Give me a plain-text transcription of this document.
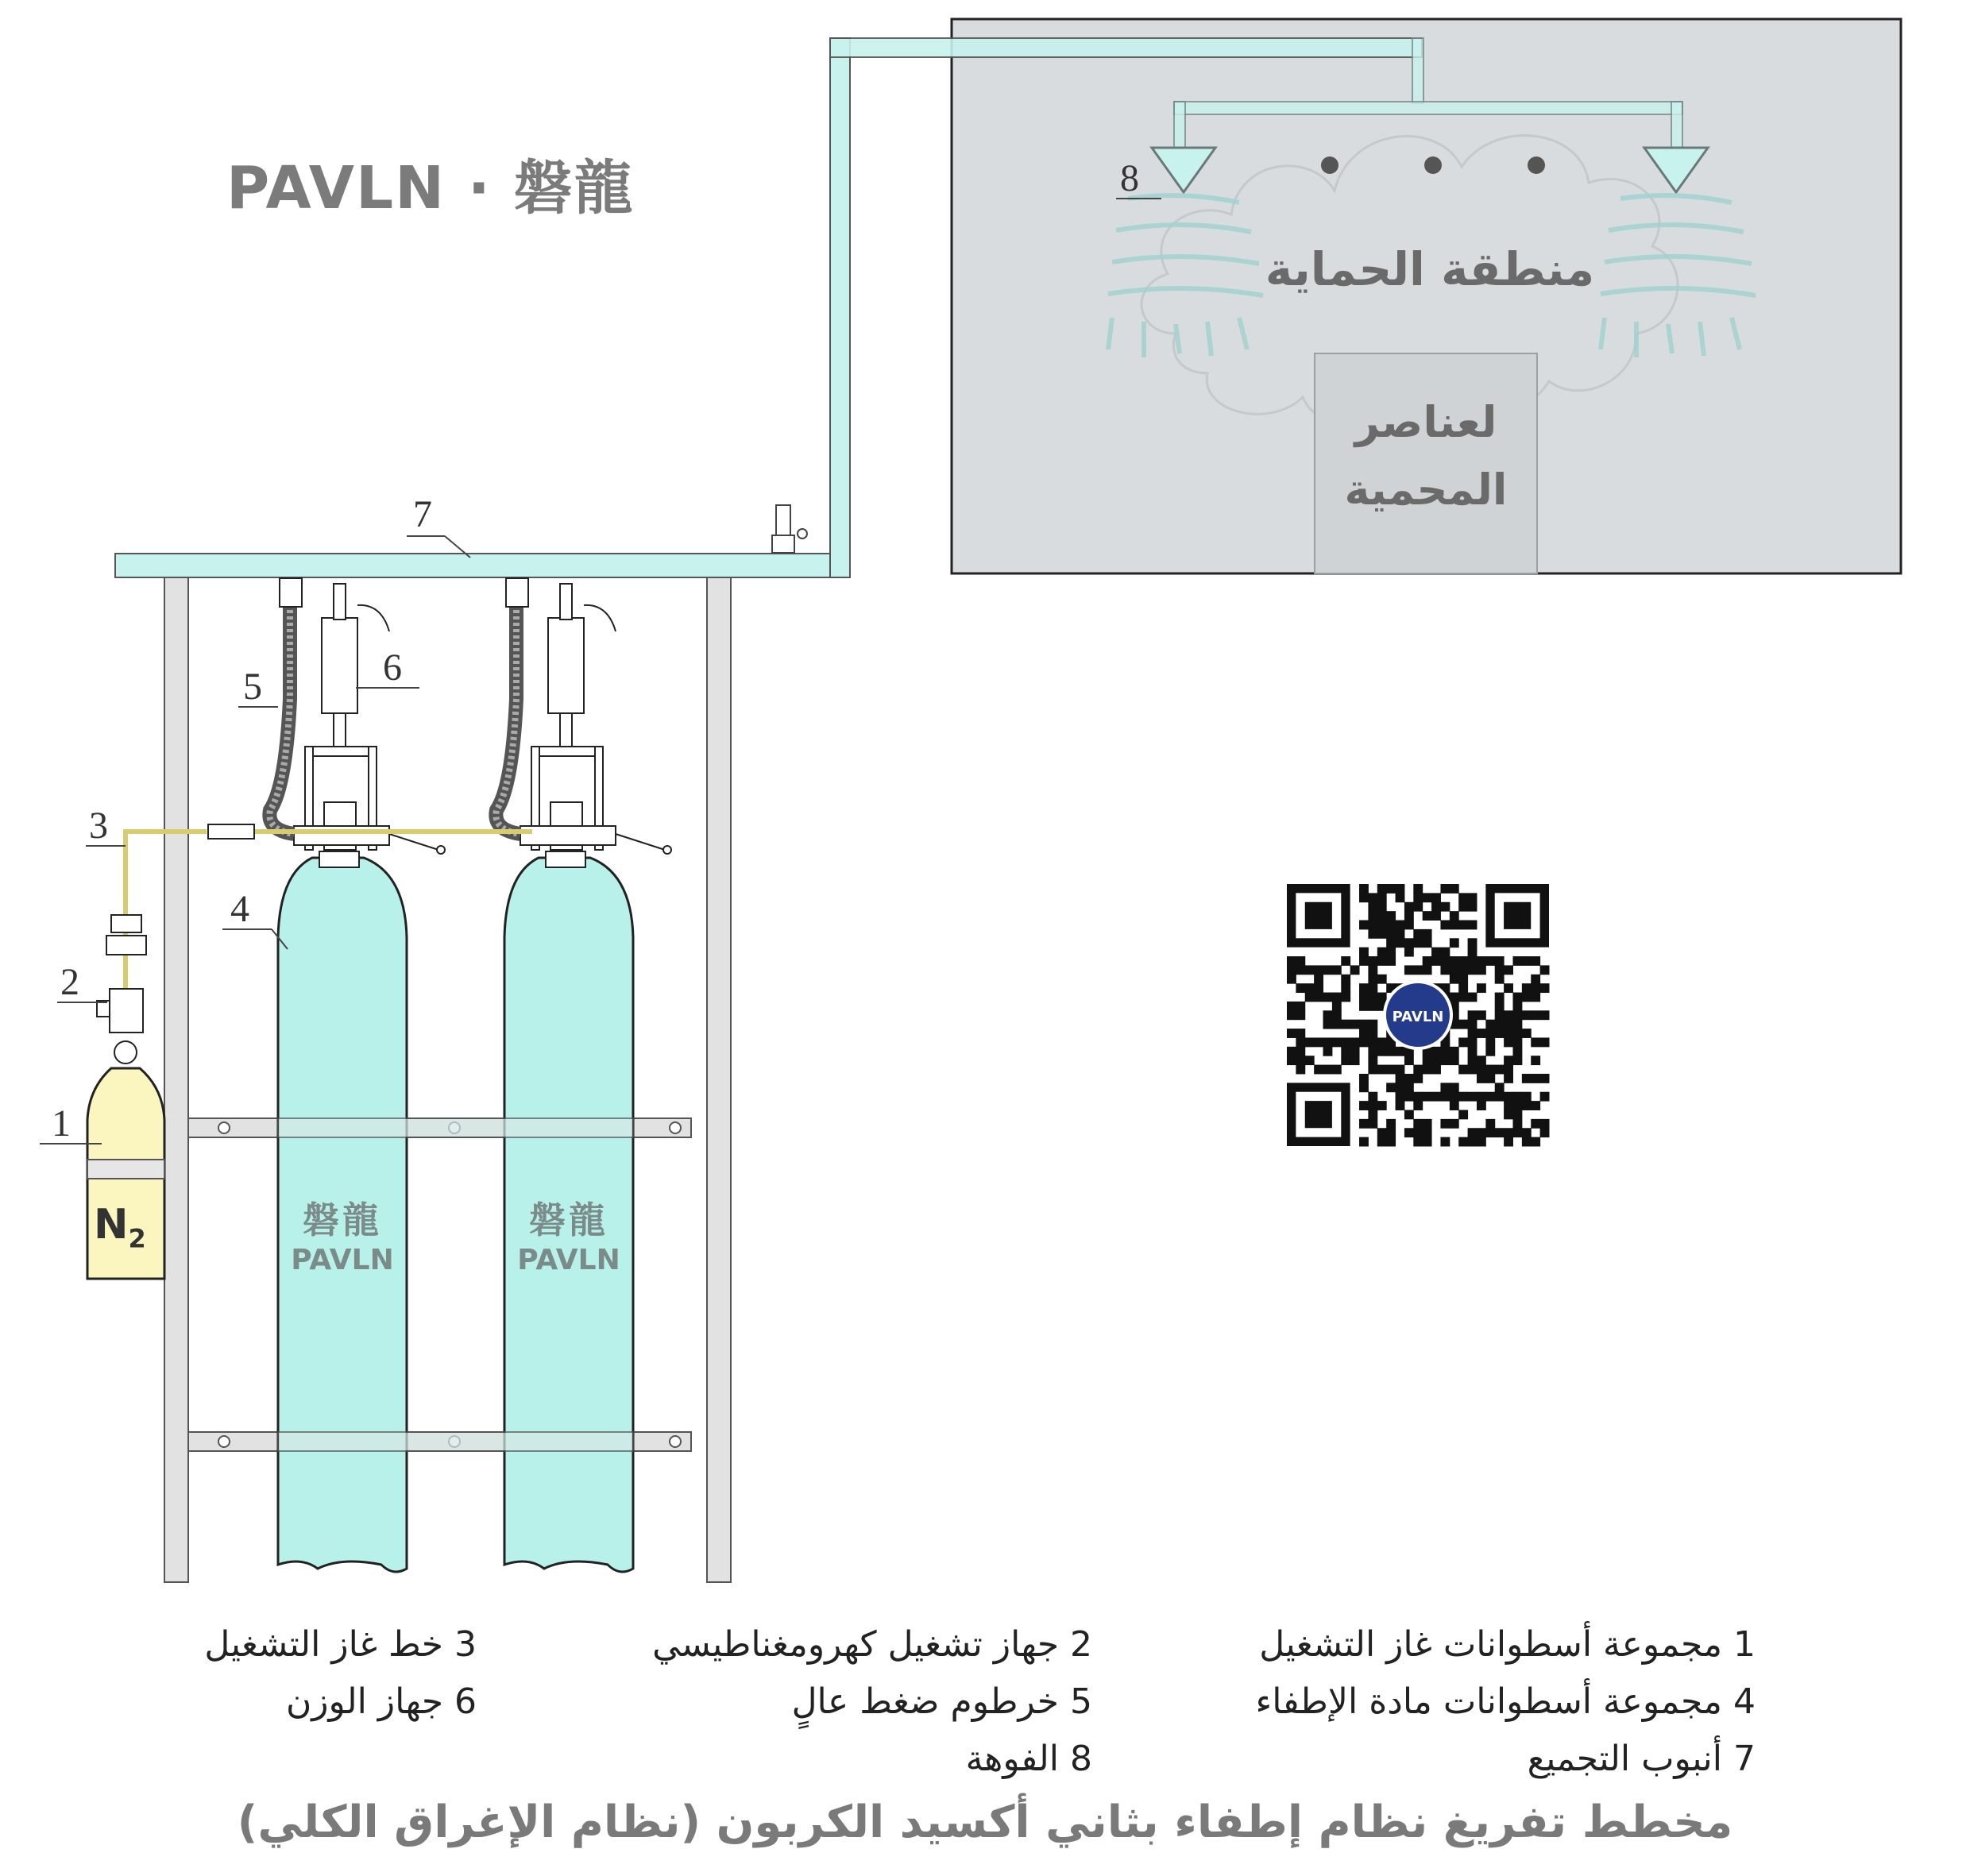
PAVLN
1
2
3
4
5	6
7
8
PAVLN · 磐龍
منطقة الحماية
لعناصر
المحمية
$N_2$	磐龍
PAVLN
磐龍
PAVLN
1 مجموعة أسطوانات غاز التشغيل
4 مجموعة أسطوانات مادة الإطفاء
7 أنبوب التجميع
2 جهاز تشغيل كهرومغناطيسي
5 خرطوم ضغط عالٍ
8 الفوهة
3 خط غاز التشغيل
6 جهاز الوزن
مخطط تفريغ نظام إطفاء بثاني أكسيد الكربون (نظام الإغراق الكلي)
